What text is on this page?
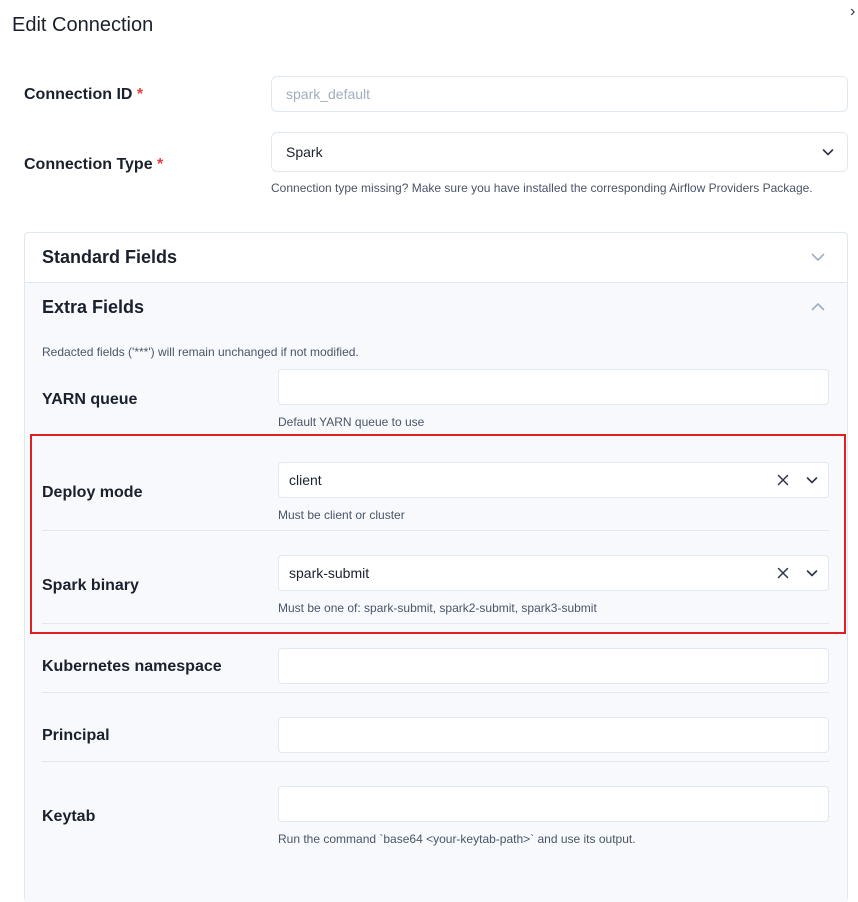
›
Edit Connection
Connection ID *	spark_default
Connection Type *
Spark
Connection type missing? Make sure you have installed the corresponding Airflow Providers Package.
Standard Fields
Extra Fields
Redacted fields ('***') will remain unchanged if not modified.
YARN queue
Default YARN queue to use
Deploy mode
client
Must be client or cluster
Spark binary
spark-submit
Must be one of: spark-submit, spark2-submit, spark3-submit
Kubernetes namespace
Principal
Keytab
Run the command `base64 <your-keytab-path>` and use its output.
